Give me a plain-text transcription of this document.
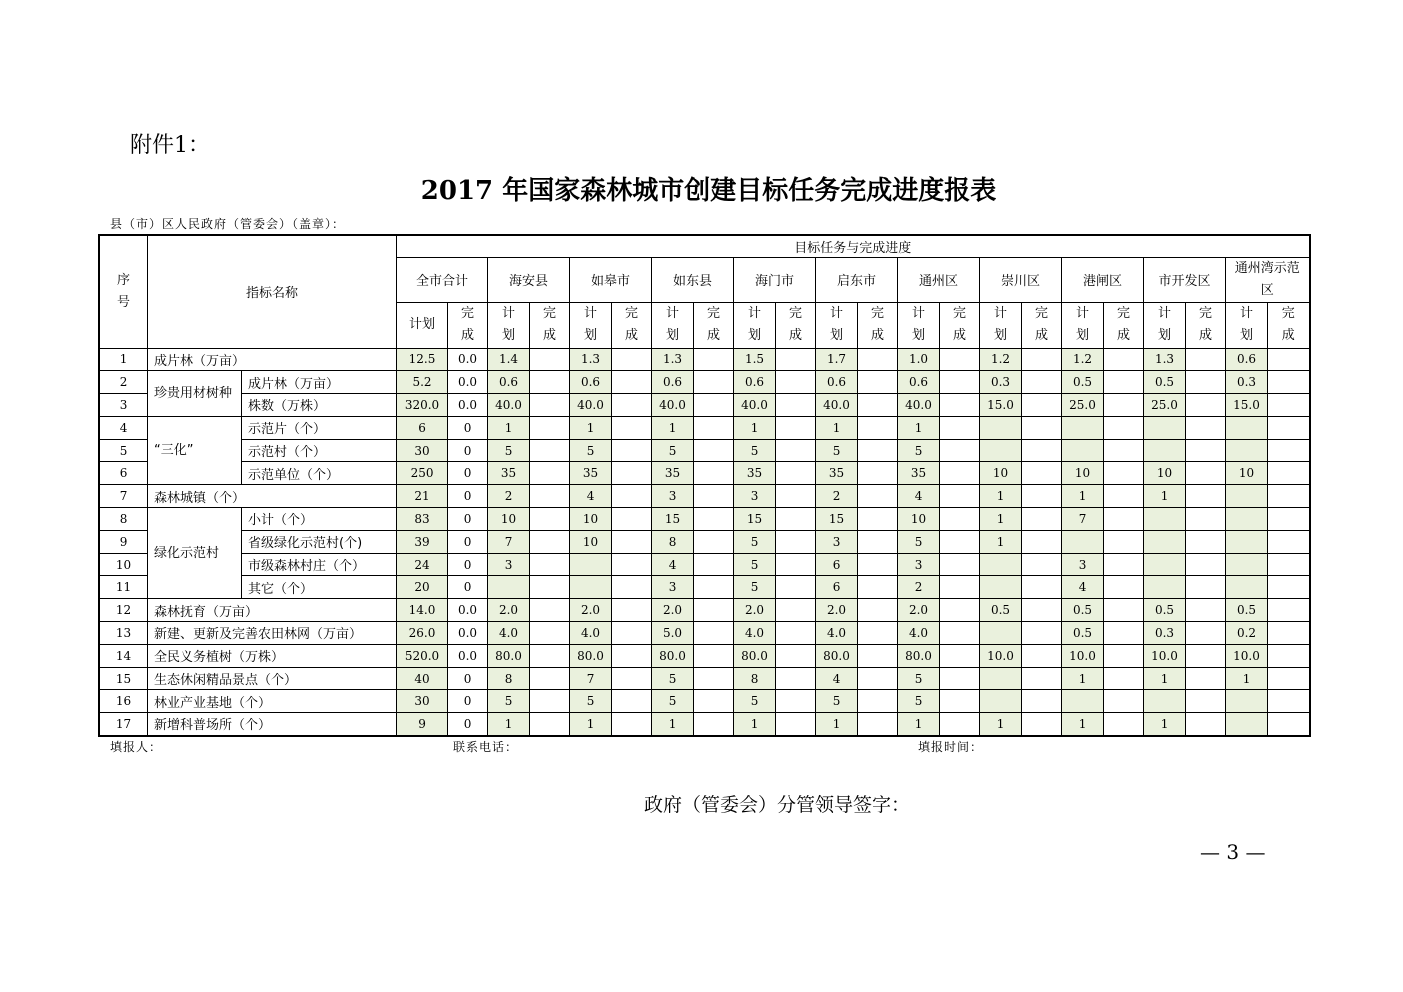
附件1：
2017 年国家森林城市创建目标任务完成进度报表
县（市）区人民政府（管委会）（盖章）：
序号	指标名称		目标任务与完成进度																					
			全市合计		海安县		如皋市		如东县		海门市		启东市		通州区		崇川区		港闸区		市开发区		通州湾示范区	
			计划	完成	计划	完成	计划	完成	计划	完成	计划	完成	计划	完成	计划	完成	计划	完成	计划	完成	计划	完成	计划	完成
1	成片林（万亩）		12.5	0.0	1.4		1.3		1.3		1.5		1.7		1.0		1.2		1.2		1.3		0.6	
2	珍贵用材树种	成片林（万亩）	5.2	0.0	0.6		0.6		0.6		0.6		0.6		0.6		0.3		0.5		0.5		0.3	
3		株数（万株）	320.0	0.0	40.0		40.0		40.0		40.0		40.0		40.0		15.0		25.0		25.0		15.0	
4	“三化”	示范片（个）	6	0	1		1		1		1		1		1									
5		示范村（个）	30	0	5		5		5		5		5		5									
6		示范单位（个）	250	0	35		35		35		35		35		35		10		10		10		10	
7	森林城镇（个）		21	0	2		4		3		3		2		4		1		1		1			
8	绿化示范村	小计（个）	83	0	10		10		15		15		15		10		1		7					
9		省级绿化示范村(个)	39	0	7		10		8		5		3		5		1							
10		市级森林村庄（个）	24	0	3				4		5		6		3				3					
11		其它（个）	20	0					3		5		6		2				4					
12	森林抚育（万亩）		14.0	0.0	2.0		2.0		2.0		2.0		2.0		2.0		0.5		0.5		0.5		0.5	
13	新建、更新及完善农田林网（万亩）		26.0	0.0	4.0		4.0		5.0		4.0		4.0		4.0				0.5		0.3		0.2	
14	全民义务植树（万株）		520.0	0.0	80.0		80.0		80.0		80.0		80.0		80.0		10.0		10.0		10.0		10.0	
15	生态休闲精品景点（个）		40	0	8		7		5		8		4		5				1		1		1	
16	林业产业基地（个）		30	0	5		5		5		5		5		5									
17	新增科普场所（个）		9	0	1		1		1		1		1		1		1		1		1			
填报人：	联系电话：	填报时间：
政府（管委会）分管领导签字：
— 3 —
